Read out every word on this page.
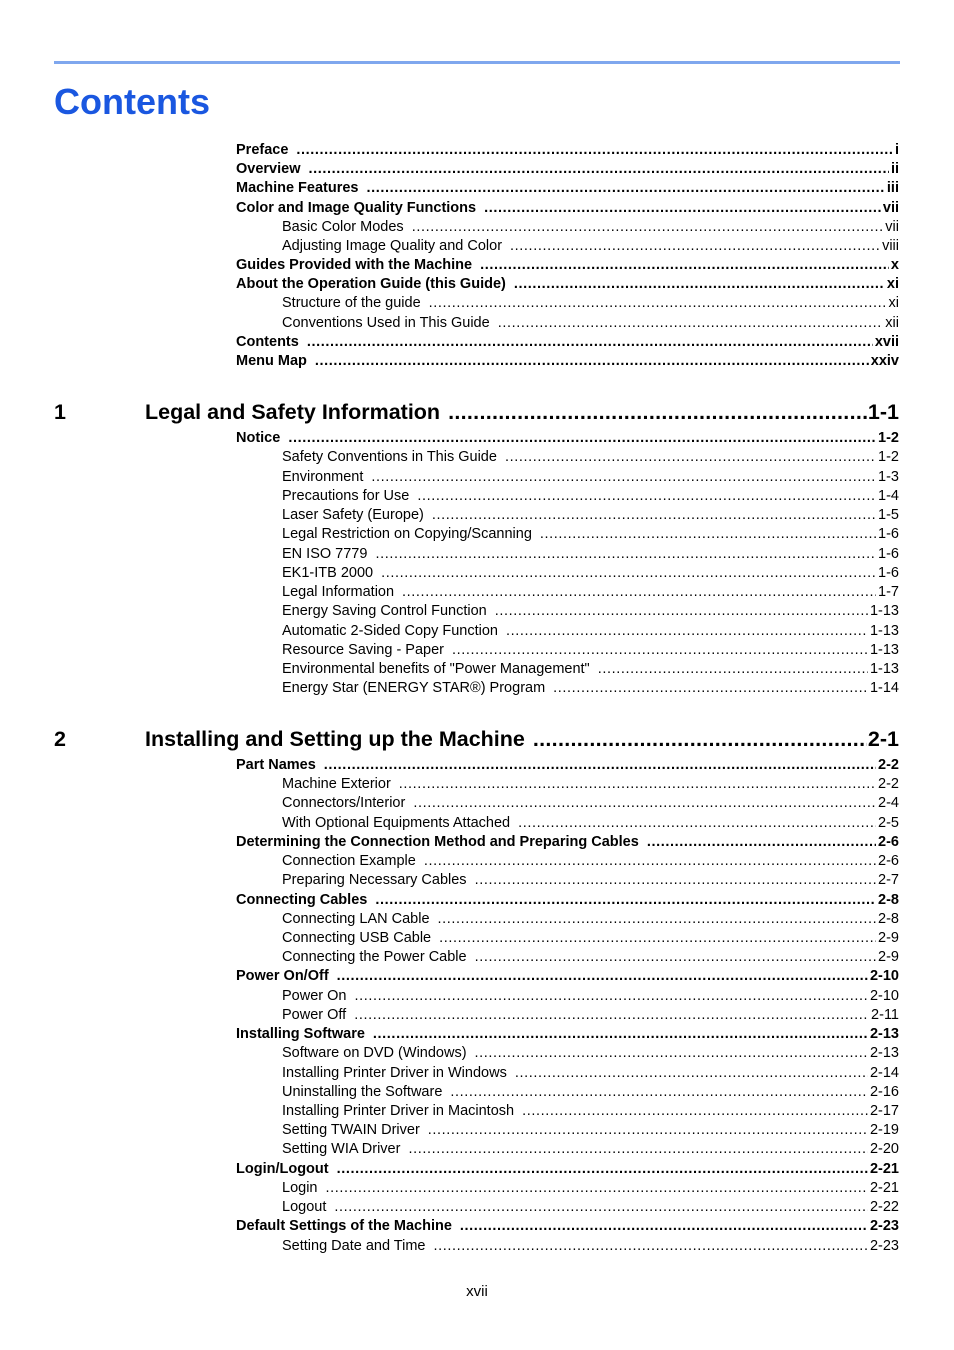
Contents
Preface .....	i
Overview .....	ii
Machine Features .....	iii
Color and Image Quality Functions .....	vii
Basic Color Modes .....	vii
Adjusting Image Quality and Color .....	viii
Guides Provided with the Machine .....	x
About the Operation Guide (this Guide) .....	xi
Structure of the guide .....	xi
Conventions Used in This Guide .....	xii
Contents .....	xvii
Menu Map .....	xxiv
1	Legal and Safety Information .....	1-1
Notice .....	1-2
Safety Conventions in This Guide .....	1-2
Environment .....	1-3
Precautions for Use .....	1-4
Laser Safety (Europe) .....	1-5
Legal Restriction on Copying/Scanning .....	1-6
EN ISO 7779 .....	1-6
EK1-ITB 2000 .....	1-6
Legal Information .....	1-7
Energy Saving Control Function .....	1-13
Automatic 2-Sided Copy Function .....	1-13
Resource Saving - Paper .....	1-13
Environmental benefits of "Power Management" .....	1-13
Energy Star (ENERGY STAR®) Program .....	1-14
2	Installing and Setting up the Machine .....	2-1
Part Names .....	2-2
Machine Exterior .....	2-2
Connectors/Interior .....	2-4
With Optional Equipments Attached .....	2-5
Determining the Connection Method and Preparing Cables .....	2-6
Connection Example .....	2-6
Preparing Necessary Cables .....	2-7
Connecting Cables .....	2-8
Connecting LAN Cable .....	2-8
Connecting USB Cable .....	2-9
Connecting the Power Cable .....	2-9
Power On/Off .....	2-10
Power On .....	2-10
Power Off .....	2-11
Installing Software .....	2-13
Software on DVD (Windows) .....	2-13
Installing Printer Driver in Windows .....	2-14
Uninstalling the Software .....	2-16
Installing Printer Driver in Macintosh .....	2-17
Setting TWAIN Driver .....	2-19
Setting WIA Driver .....	2-20
Login/Logout .....	2-21
Login .....	2-21
Logout .....	2-22
Default Settings of the Machine .....	2-23
Setting Date and Time .....	2-23
xvii
